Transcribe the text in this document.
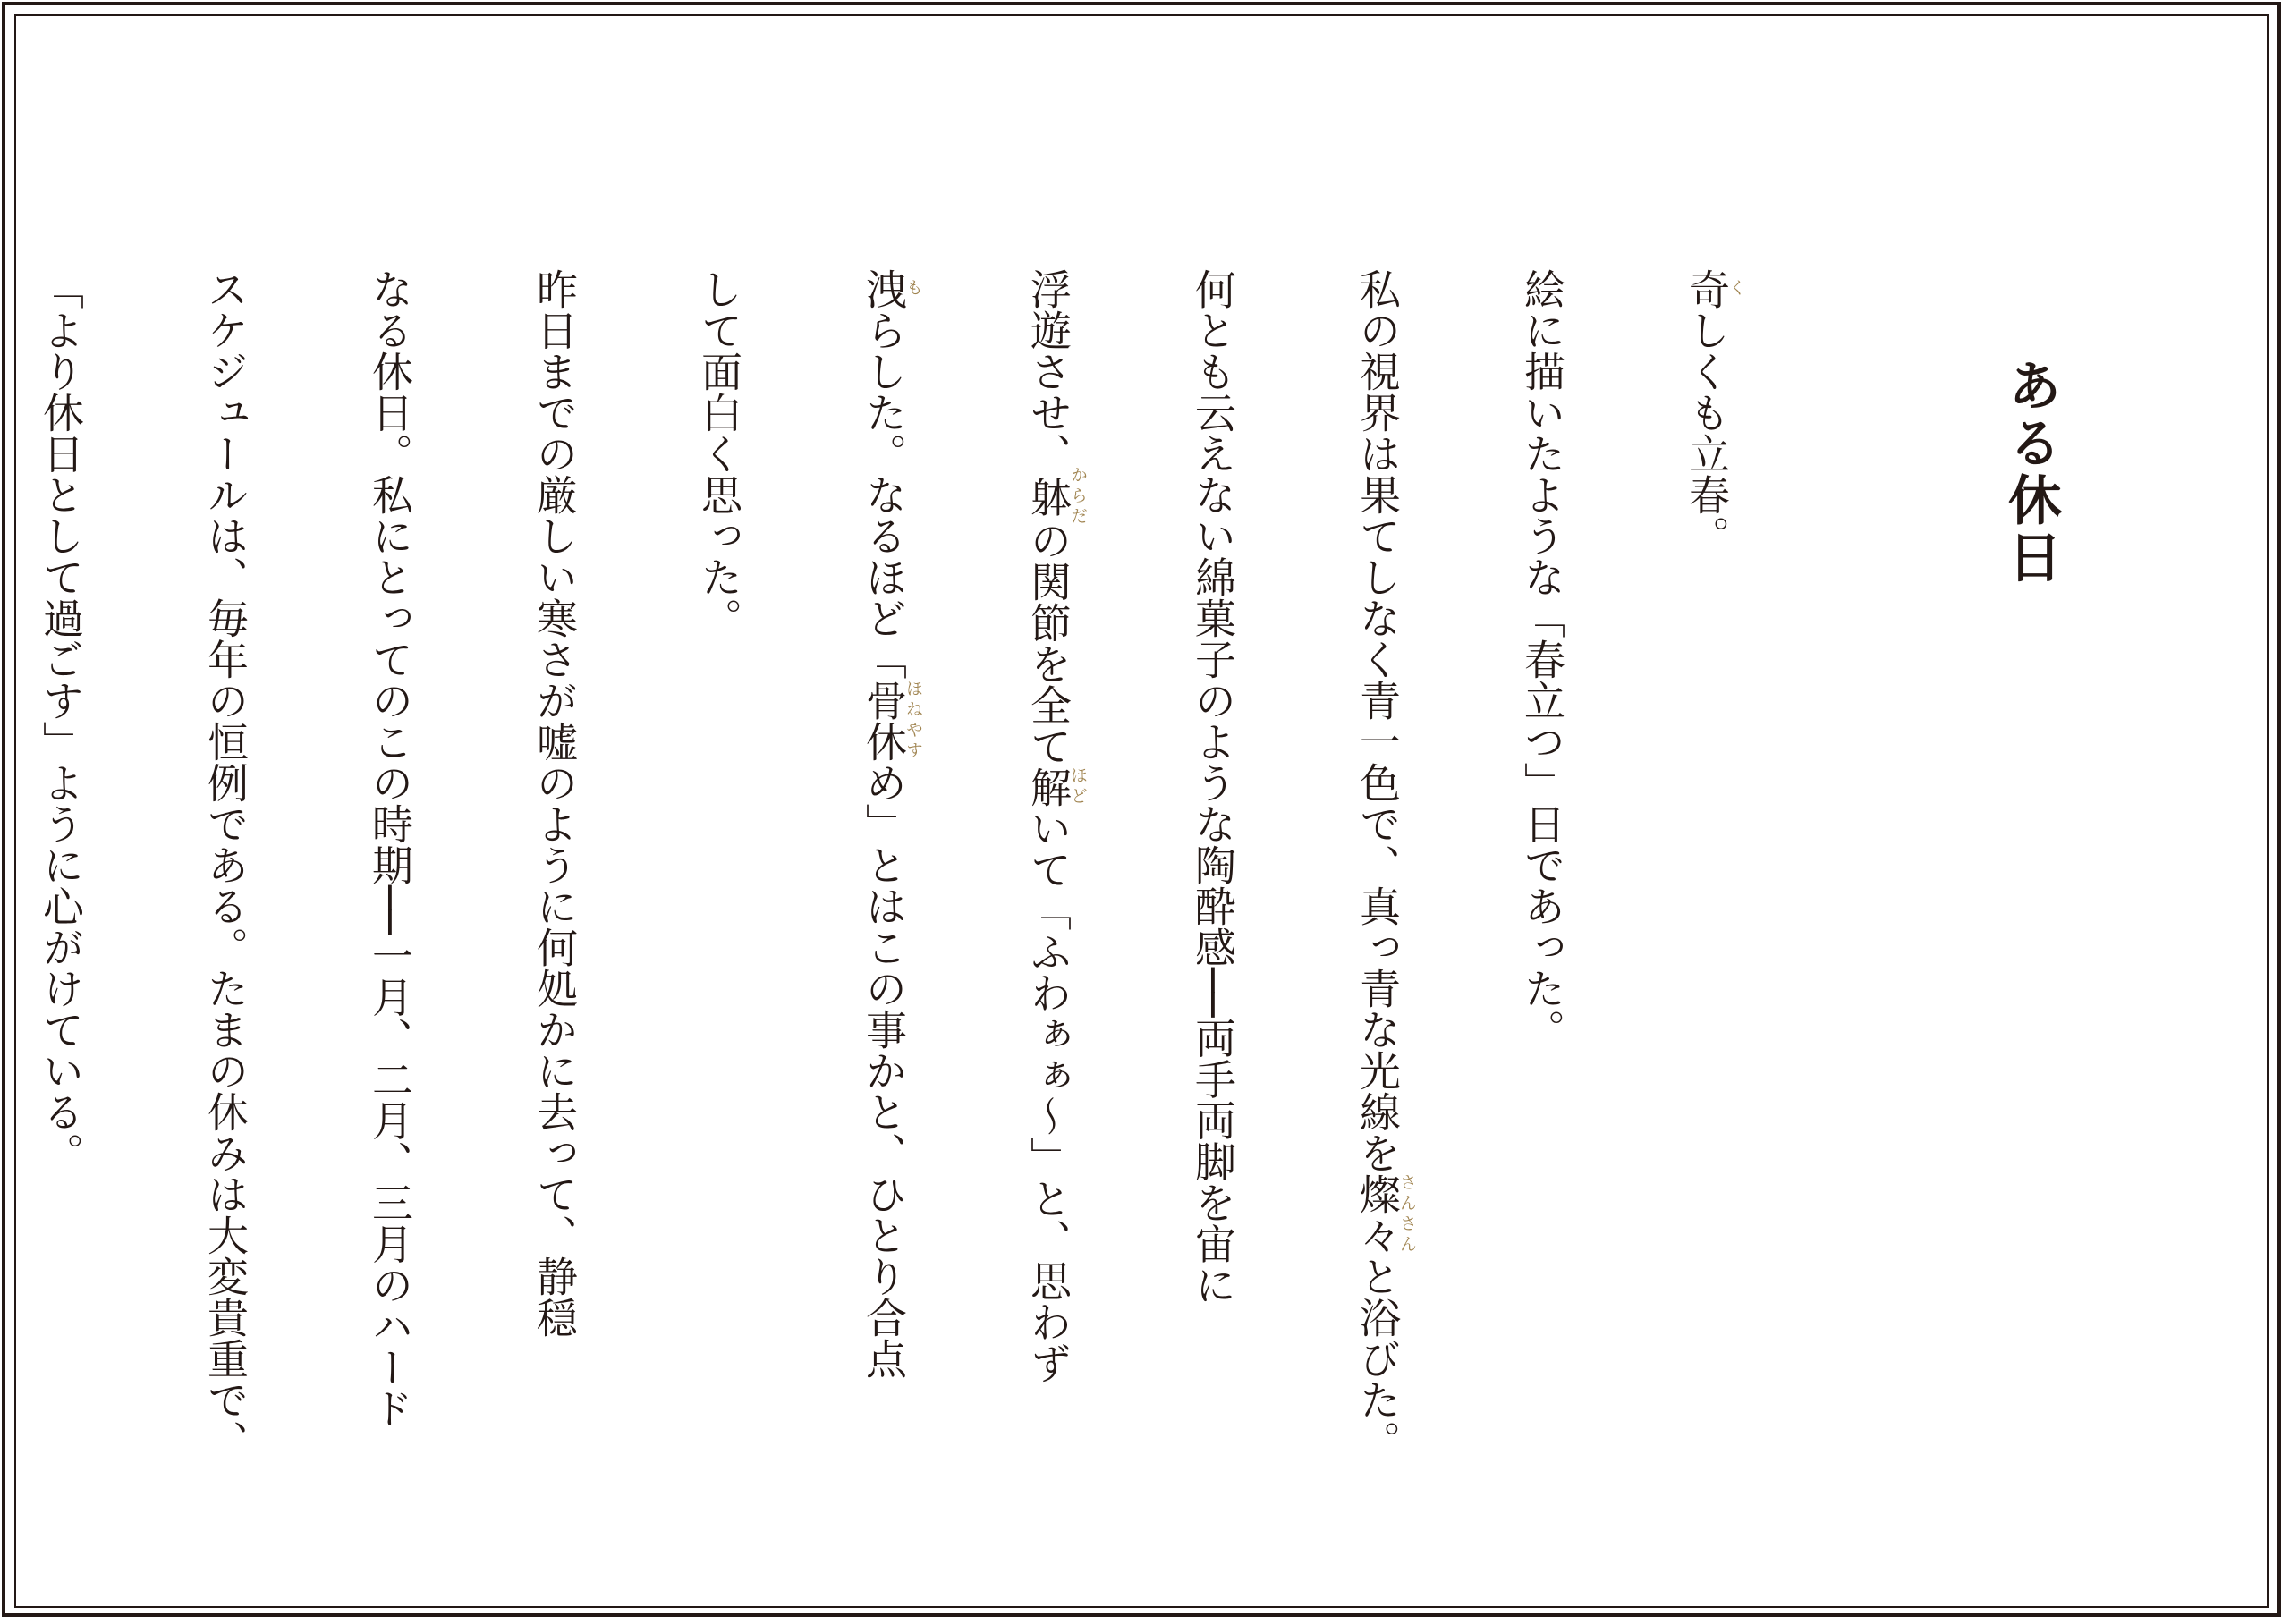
ある休日
奇くしくも立春。
絵に描いたような「春立つ」日であった。
私の視界は果てしなく青一色で、真っ青な光線を燦々さんさんと浴びた。
何とも云えない綿菓子のような陶酔感──両手両脚を宙に
浮遊させ、躰からだの関節を全て解ほどいて「ふわぁぁ〜」と、思わず
洩もらした。なるほど「骨休ほねやすめ」とはこの事かと、ひとり合点
して面白く思った。
昨日までの厳しい寒さが嘘のように何処かに去って、静穏
なる休日。私にとってのこの時期──一月、二月、三月のハード
スケジュールは、毎年の恒例である。たまの休みは大変貴重で、
「より休日として過ごす」ように心がけている。
